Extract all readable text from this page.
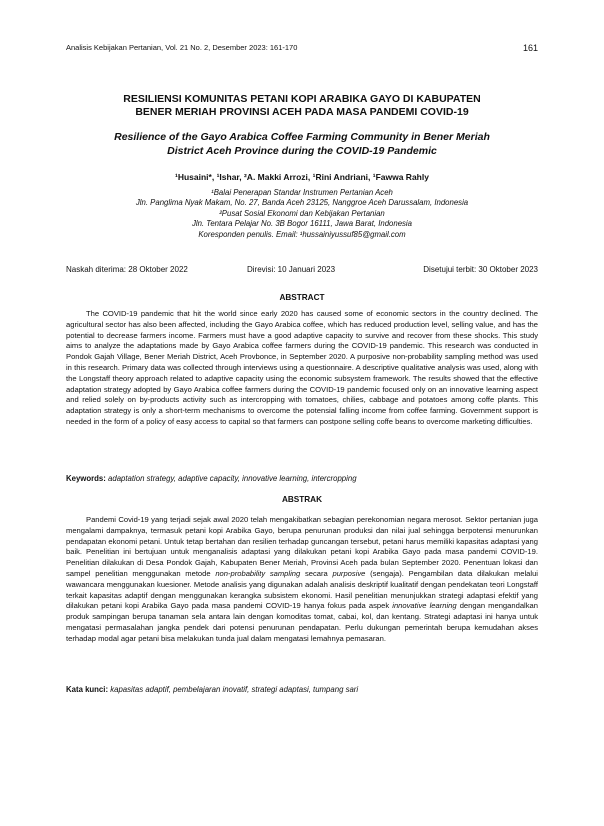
Analisis Kebijakan Pertanian, Vol. 21 No. 2, Desember 2023: 161-170	161
RESILIENSI KOMUNITAS PETANI KOPI ARABIKA GAYO DI KABUPATEN
BENER MERIAH PROVINSI ACEH PADA MASA PANDEMI COVID-19
Resilience of the Gayo Arabica Coffee Farming Community in Bener Meriah
District Aceh Province during the COVID-19 Pandemic
¹Husaini*, ¹Ishar, ²A. Makki Arrozi, ¹Rini Andriani, ¹Fawwa Rahly
¹Balai Penerapan Standar Instrumen Pertanian Aceh
Jln. Panglima Nyak Makam, No. 27, Banda Aceh 23125, Nanggroe Aceh Darussalam, Indonesia
²Pusat Sosial Ekonomi dan Kebijakan Pertanian
Jln. Tentara Pelajar No. 3B Bogor 16111, Jawa Barat, Indonesia
Koresponden penulis. Email: ¹hussainiyussuf85@gmail.com
Naskah diterima: 28 Oktober 2022	Direvisi: 10 Januari 2023	Disetujui terbit: 30 Oktober 2023
ABSTRACT

The COVID-19 pandemic that hit the world since early 2020 has caused some of economic sectors in the country declined. The agricultural sector has also been affected, including the Gayo Arabica coffee, which has reduced production level, selling value, and has the potential to decrease farmers income. Farmers must have a good adaptive capacity to survive and recover from these shocks. This study aims to analyze the adaptations made by Gayo Arabica coffee farmers during the COVID-19 pandemic. This research was conducted in Pondok Gajah Village, Bener Meriah District, Aceh Provbonce, in September 2020. A purposive non-probability sampling method was used in this research. Primary data was collected through interviews using a questionnaire. A descriptive qualitative analysis was used, along with the Longstaff theory approach related to adaptive capacity using the economic subsystem framework. The results showed that the effective adaptation strategy adopted by Gayo Arabica coffee farmers during the COVID-19 pandemic focused only on an innovative learning aspect and relied solely on by-products activity such as intercropping with tomatoes, chilies, cabbage and potatoes among coffe plants. This adaptation strategy is only a short-term mechanisms to overcome the potensial falling income from coffee farming. Government support is needed in the form of a policy of easy access to capital so that farmers can postpone selling coffe beans to overcome marketing difficulties.

Keywords: adaptation strategy, adaptive capacity, innovative learning, intercropping
ABSTRAK

Pandemi Covid-19 yang terjadi sejak awal 2020 telah mengakibatkan sebagian perekonomian negara merosot. Sektor pertanian juga mengalami dampaknya, termasuk petani kopi Arabika Gayo, berupa penurunan produksi dan nilai jual sehingga berpotensi menurunkan pendapatan ekonomi petani. Untuk tetap bertahan dan resilien terhadap guncangan tersebut, petani harus memiliki kapasitas adaptasi yang baik. Penelitian ini bertujuan untuk menganalisis adaptasi yang dilakukan petani kopi Arabika Gayo pada masa pandemi COVID-19. Penelitian dilakukan di Desa Pondok Gajah, Kabupaten Bener Meriah, Provinsi Aceh pada bulan September 2020. Penentuan lokasi dan sampel penelitian menggunakan metode non-probability sampling secara purposive (sengaja). Pengambilan data dilakukan melalui wawancara menggunakan kuesioner. Metode analisis yang digunakan adalah analisis deskriptif kualitatif dengan pendekatan teori Longstaff terkait kapasitas adaptif dengan menggunakan kerangka subsistem ekonomi. Hasil penelitian menunjukkan strategi adaptasi efektif yang dilakukan petani kopi Arabika Gayo pada masa pandemi COVID-19 hanya fokus pada aspek innovative learning dengan mengandalkan produk sampingan berupa tanaman sela antara lain dengan komoditas tomat, cabai, kol, dan kentang. Strategi adaptasi ini hanya untuk mengatasi permasalahan jangka pendek dari potensi penurunan pendapatan. Perlu dukungan pemerintah berupa kemudahan akses terhadap modal agar petani bisa melakukan tunda jual dalam mengatasi lemahnya pemasaran.

Kata kunci: kapasitas adaptif, pembelajaran inovatif, strategi adaptasi, tumpang sari
